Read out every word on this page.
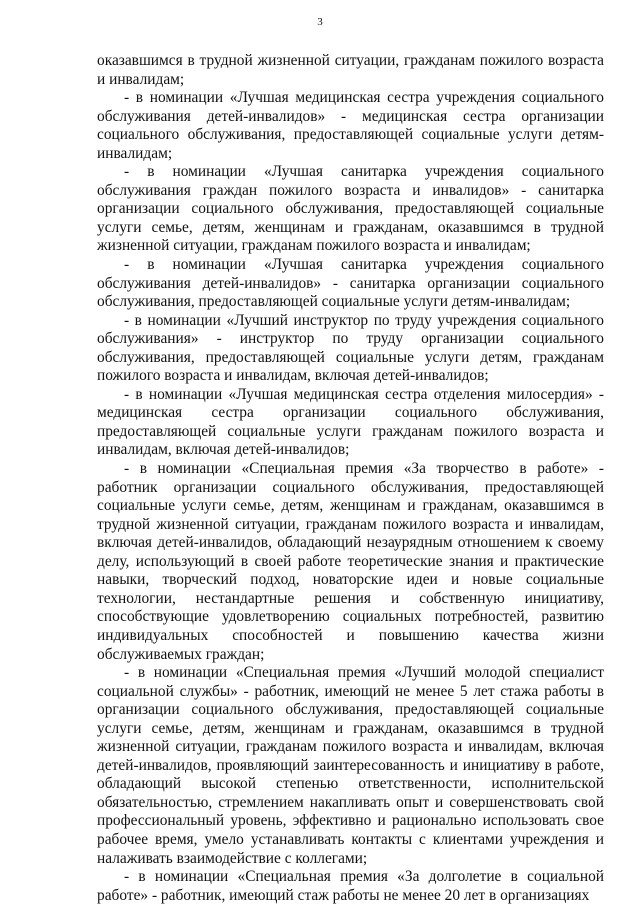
3

оказавшимся в трудной жизненной ситуации, гражданам пожилого возраста и инвалидам;

- в номинации «Лучшая медицинская сестра учреждения социального обслуживания детей-инвалидов» - медицинская сестра организации социального обслуживания, предоставляющей социальные услуги детям-инвалидам;

- в номинации «Лучшая санитарка учреждения социального обслуживания граждан пожилого возраста и инвалидов» - санитарка организации социального обслуживания, предоставляющей социальные услуги семье, детям, женщинам и гражданам, оказавшимся в трудной жизненной ситуации, гражданам пожилого возраста и инвалидам;

- в номинации «Лучшая санитарка учреждения социального обслуживания детей-инвалидов» - санитарка организации социального обслуживания, предоставляющей социальные услуги детям-инвалидам;

- в номинации «Лучший инструктор по труду учреждения социального обслуживания» - инструктор по труду организации социального обслуживания, предоставляющей социальные услуги детям, гражданам пожилого возраста и инвалидам, включая детей-инвалидов;

- в номинации «Лучшая медицинская сестра отделения милосердия» - медицинская сестра организации социального обслуживания, предоставляющей социальные услуги гражданам пожилого возраста и инвалидам, включая детей-инвалидов;

- в номинации «Специальная премия «За творчество в работе» - работник организации социального обслуживания, предоставляющей социальные услуги семье, детям, женщинам и гражданам, оказавшимся в трудной жизненной ситуации, гражданам пожилого возраста и инвалидам, включая детей-инвалидов, обладающий незаурядным отношением к своему делу, использующий в своей работе теоретические знания и практические навыки, творческий подход, новаторские идеи и новые социальные технологии, нестандартные решения и собственную инициативу, способствующие удовлетворению социальных потребностей, развитию индивидуальных способностей и повышению качества жизни обслуживаемых граждан;

- в номинации «Специальная премия «Лучший молодой специалист социальной службы» - работник, имеющий не менее 5 лет стажа работы в организации социального обслуживания, предоставляющей социальные услуги семье, детям, женщинам и гражданам, оказавшимся в трудной жизненной ситуации, гражданам пожилого возраста и инвалидам, включая детей-инвалидов, проявляющий заинтересованность и инициативу в работе, обладающий высокой степенью ответственности, исполнительской обязательностью, стремлением накапливать опыт и совершенствовать свой профессиональный уровень, эффективно и рационально использовать свое рабочее время, умело устанавливать контакты с клиентами учреждения и налаживать взаимодействие с коллегами;

- в номинации «Специальная премия «За долголетие в социальной работе» - работник, имеющий стаж работы не менее 20 лет в организациях
